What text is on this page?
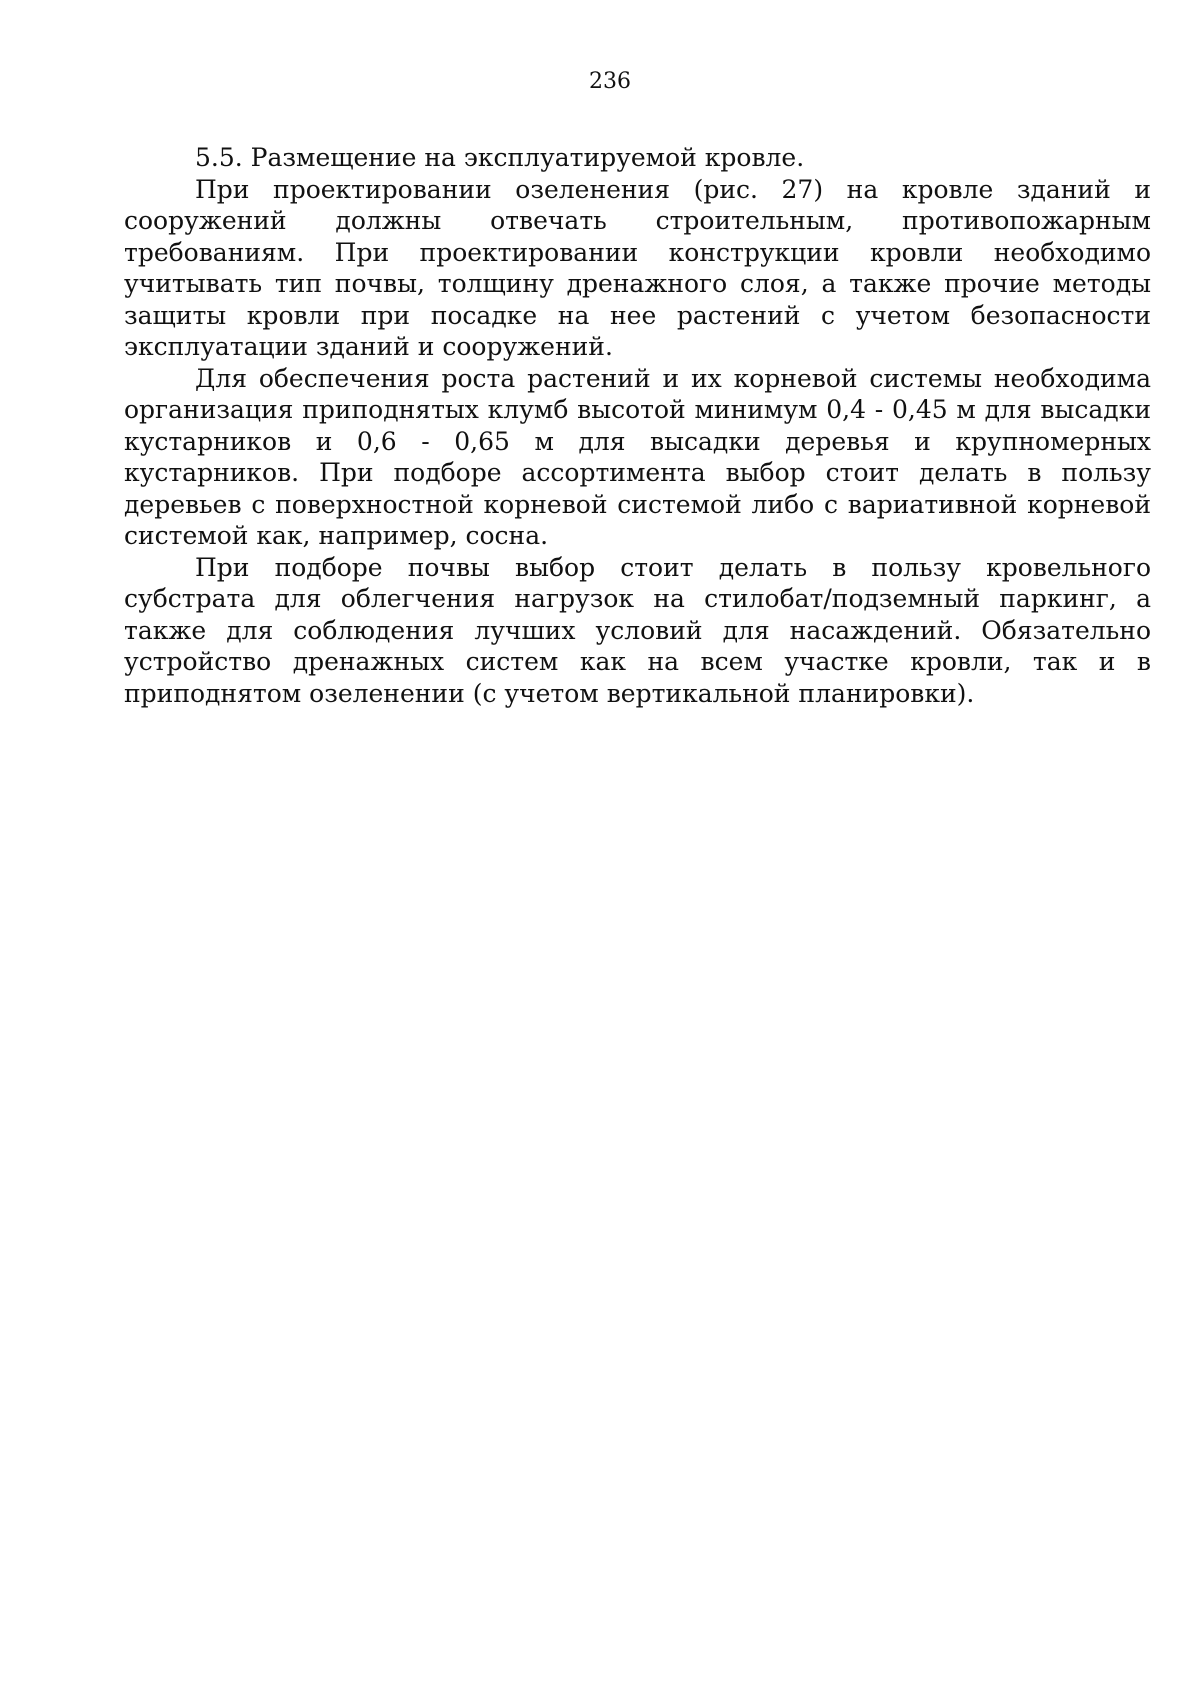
236

5.5. Размещение на эксплуатируемой кровле.

При проектировании озеленения (рис. 27) на кровле зданий и сооружений должны отвечать строительным, противопожарным требованиям. При проектировании конструкции кровли необходимо учитывать тип почвы, толщину дренажного слоя, а также прочие методы защиты кровли при посадке на нее растений с учетом безопасности эксплуатации зданий и сооружений.

Для обеспечения роста растений и их корневой системы необходима организация приподнятых клумб высотой минимум 0,4 - 0,45 м для высадки кустарников и 0,6 - 0,65 м для высадки деревья и крупномерных кустарников. При подборе ассортимента выбор стоит делать в пользу деревьев с поверхностной корневой системой либо с вариативной корневой системой как, например, сосна.

При подборе почвы выбор стоит делать в пользу кровельного субстрата для облегчения нагрузок на стилобат/подземный паркинг, а также для соблюдения лучших условий для насаждений. Обязательно устройство дренажных систем как на всем участке кровли, так и в приподнятом озеленении (с учетом вертикальной планировки).
